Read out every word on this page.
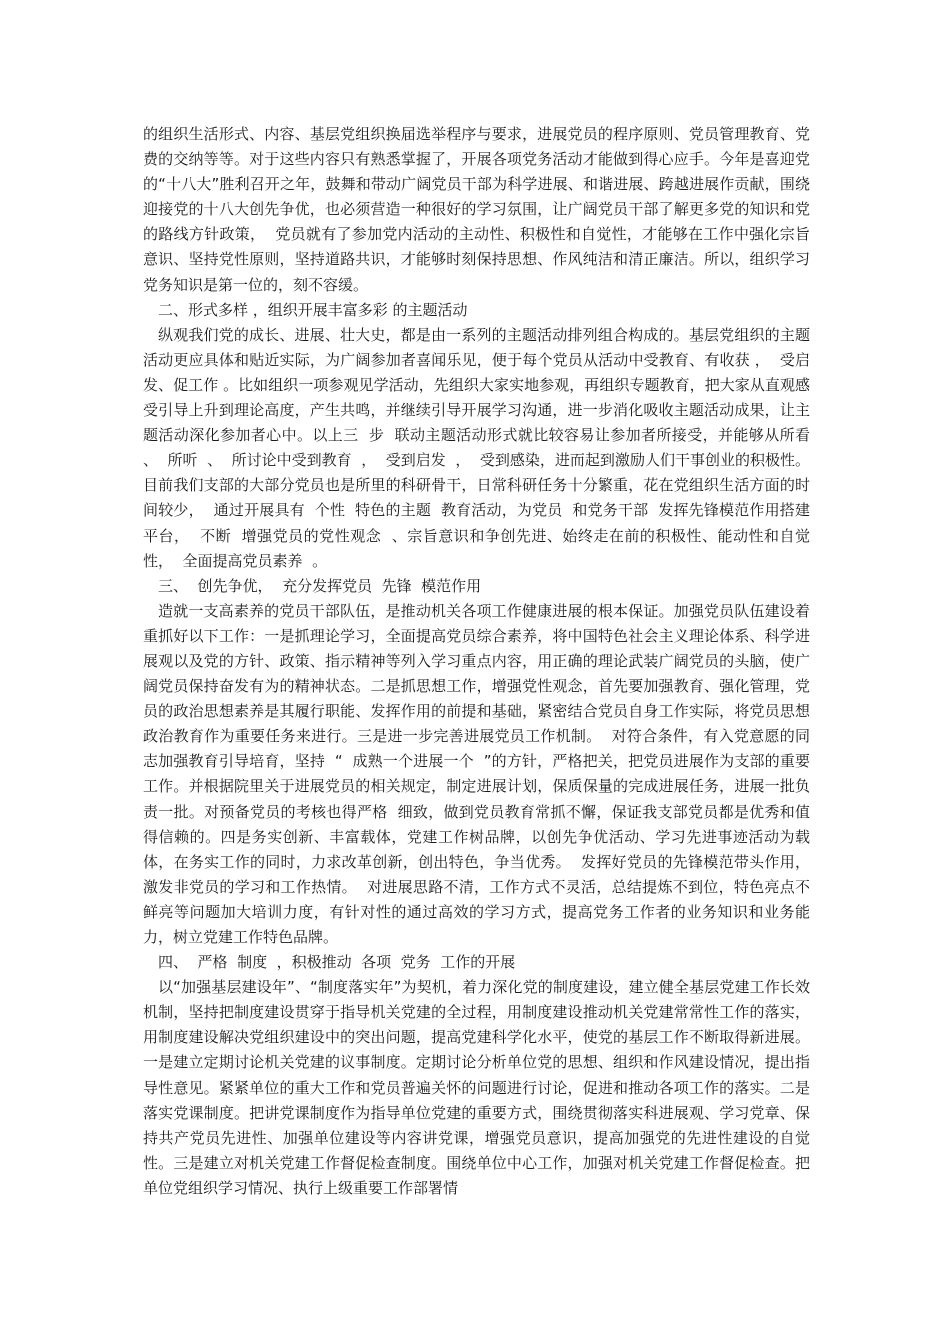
的组织生活形式、内容、基层党组织换届选举程序与要求，进展党员的程序原则、党员管理教育、党费的交纳等等。对于这些内容只有熟悉掌握了，开展各项党务活动才能做到得心应手。今年是喜迎党的“十八大”胜利召开之年，鼓舞和带动广阔党员干部为科学进展、和谐进展、跨越进展作贡献，围绕迎接党的十八大创先争优，也必须营造一种很好的学习氛围，让广阔党员干部了解更多党的知识和党的路线方针政策，  党员就有了参加党内活动的主动性、积极性和自觉性，才能够在工作中强化宗旨意识、坚持党性原则，坚持道路共识，才能够时刻保持思想、作风纯洁和清正廉洁。所以，组织学习党务知识是第一位的，刻不容缓。

二、形式多样 ，组织开展丰富多彩 的主题活动

纵观我们党的成长、进展、壮大史，都是由一系列的主题活动排列组合构成的。基层党组织的主题活动更应具体和贴近实际，为广阔参加者喜闻乐见，便于每个党员从活动中受教育、有收获 ，  受启发、促工作 。比如组织一项参观见学活动，先组织大家实地参观，再组织专题教育，把大家从直观感受引导上升到理论高度，产生共鸣，并继续引导开展学习沟通，进一步消化吸收主题活动成果，让主题活动深化参加者心中。以上三  步  联动主题活动形式就比较容易让参加者所接受，并能够从所看  、  所听  、  所讨论中受到教育  ，  受到启发  ，  受到感染，进而起到激励人们干事创业的积极性。  目前我们支部的大部分党员也是所里的科研骨干，日常科研任务十分繁重，花在党组织生活方面的时间较少，  通过开展具有  个性  特色的主题  教育活动，为党员  和党务干部  发挥先锋模范作用搭建平台，  不断  增强党员的党性观念  、宗旨意识和争创先进、始终走在前的积极性、能动性和自觉性，  全面提高党员素养  。

三、  创先争优，  充分发挥党员  先锋  模范作用

造就一支高素养的党员干部队伍，是推动机关各项工作健康进展的根本保证。加强党员队伍建设着重抓好以下工作：一是抓理论学习，全面提高党员综合素养，将中国特色社会主义理论体系、科学进展观以及党的方针、政策、指示精神等列入学习重点内容，用正确的理论武装广阔党员的头脑，使广阔党员保持奋发有为的精神状态。二是抓思想工作，增强党性观念，首先要加强教育、强化管理，党员的政治思想素养是其履行职能、发挥作用的前提和基础，紧密结合党员自身工作实际，将党员思想政治教育作为重要任务来进行。三是进一步完善进展党员工作机制。  对符合条件，有入党意愿的同志加强教育引导培育，坚持  “  成熟一个进展一个  ”的方针，严格把关，把党员进展作为支部的重要工作。并根据院里关于进展党员的相关规定，制定进展计划，保质保量的完成进展任务，进展一批负责一批。对预备党员的考核也得严格  细致，做到党员教育常抓不懈，保证我支部党员都是优秀和值得信赖的。四是务实创新、丰富载体，党建工作树品牌，以创先争优活动、学习先进事迹活动为载体，在务实工作的同时，力求改革创新，创出特色，争当优秀。  发挥好党员的先锋模范带头作用，激发非党员的学习和工作热情。  对进展思路不清，工作方式不灵活，总结提炼不到位，特色亮点不鲜亮等问题加大培训力度，有针对性的通过高效的学习方式，提高党务工作者的业务知识和业务能力，树立党建工作特色品牌。

四、  严格  制度  ，积极推动  各项  党务  工作的开展

以“加强基层建设年”、“制度落实年”为契机，着力深化党的制度建设，建立健全基层党建工作长效机制，坚持把制度建设贯穿于指导机关党建的全过程，用制度建设推动机关党建常常性工作的落实，用制度建设解决党组织建设中的突出问题，提高党建科学化水平，使党的基层工作不断取得新进展。一是建立定期讨论机关党建的议事制度。定期讨论分析单位党的思想、组织和作风建设情况，提出指导性意见。紧紧单位的重大工作和党员普遍关怀的问题进行讨论，促进和推动各项工作的落实。二是落实党课制度。把讲党课制度作为指导单位党建的重要方式，围绕贯彻落实科进展观、学习党章、保持共产党员先进性、加强单位建设等内容讲党课，增强党员意识，提高加强党的先进性建设的自觉性。三是建立对机关党建工作督促检查制度。围绕单位中心工作，加强对机关党建工作督促检查。把单位党组织学习情况、执行上级重要工作部署情
